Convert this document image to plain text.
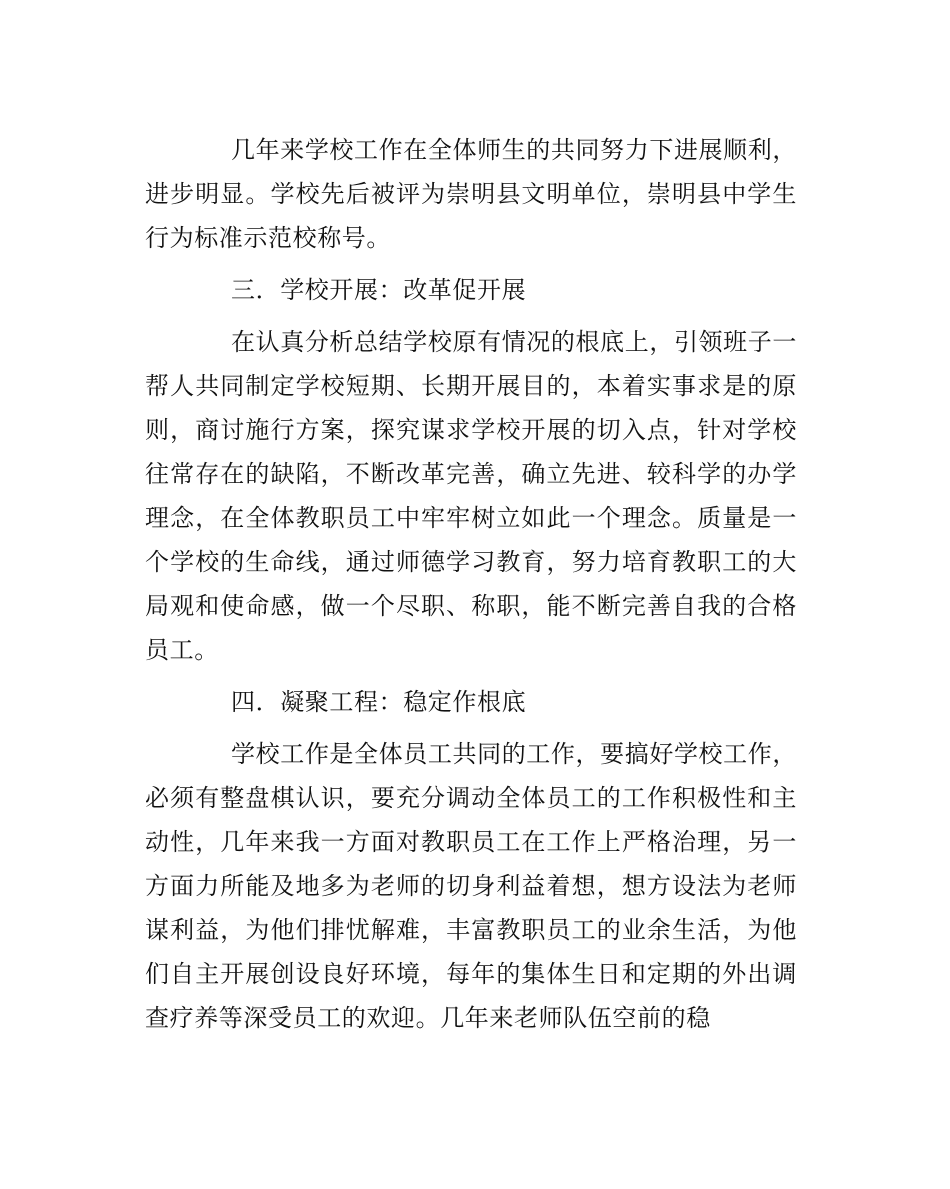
几年来学校工作在全体师生的共同努力下进展顺利，进步明显。学校先后被评为崇明县文明单位，崇明县中学生行为标准示范校称号。

三．学校开展：改革促开展

在认真分析总结学校原有情况的根底上，引领班子一帮人共同制定学校短期、长期开展目的，本着实事求是的原则，商讨施行方案，探究谋求学校开展的切入点，针对学校往常存在的缺陷，不断改革完善，确立先进、较科学的办学理念，在全体教职员工中牢牢树立如此一个理念。质量是一个学校的生命线，通过师德学习教育，努力培育教职工的大局观和使命感，做一个尽职、称职，能不断完善自我的合格员工。

四．凝聚工程：稳定作根底

学校工作是全体员工共同的工作，要搞好学校工作，必须有整盘棋认识，要充分调动全体员工的工作积极性和主动性，几年来我一方面对教职员工在工作上严格治理，另一方面力所能及地多为老师的切身利益着想，想方设法为老师谋利益，为他们排忧解难，丰富教职员工的业余生活，为他们自主开展创设良好环境，每年的集体生日和定期的外出调查疗养等深受员工的欢迎。几年来老师队伍空前的稳
